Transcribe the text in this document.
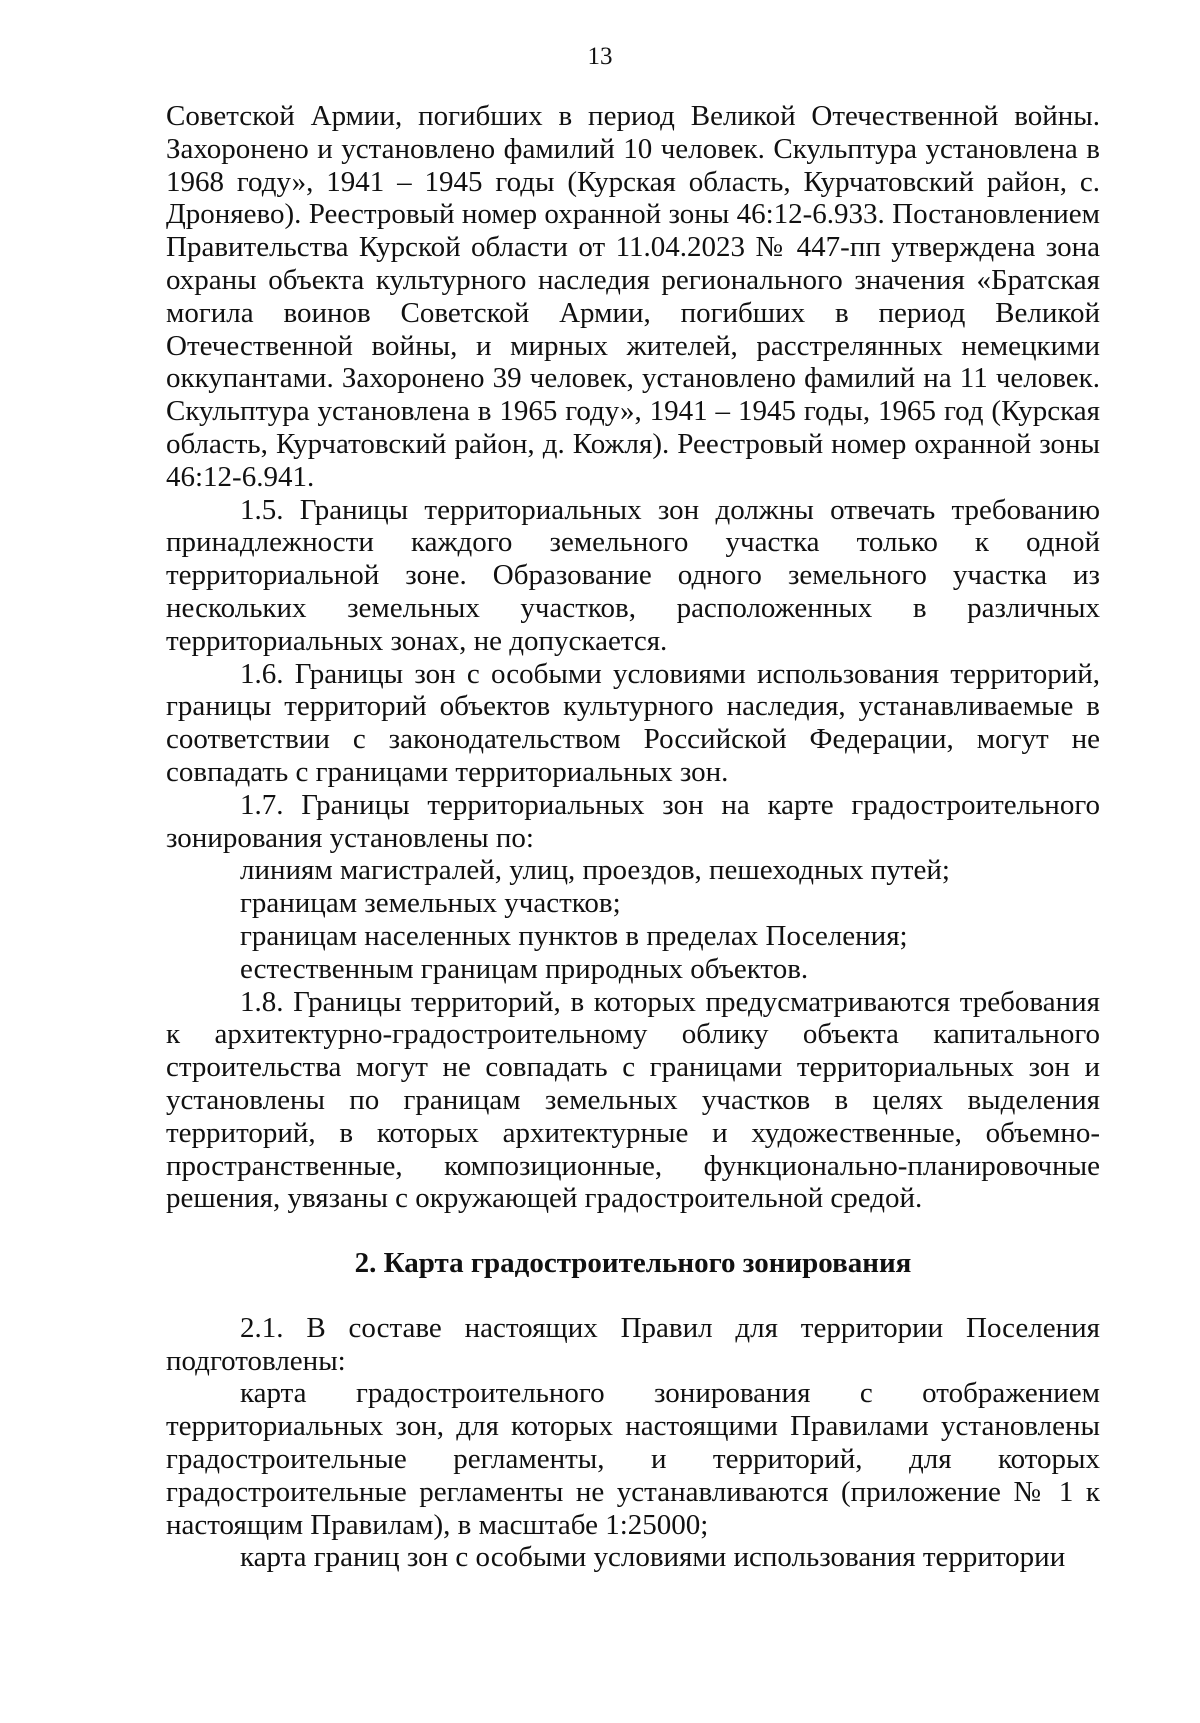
13

Советской Армии, погибших в период Великой Отечественной войны. Захоронено и установлено фамилий 10 человек. Скульптура установлена в 1968 году», 1941 – 1945 годы (Курская область, Курчатовский район, с. Дроняево). Реестровый номер охранной зоны 46:12-6.933. Постановлением Правительства Курской области от 11.04.2023 № 447-пп утверждена зона охраны объекта культурного наследия регионального значения «Братская могила воинов Советской Армии, погибших в период Великой Отечественной войны, и мирных жителей, расстрелянных немецкими оккупантами. Захоронено 39 человек, установлено фамилий на 11 человек. Скульптура установлена в 1965 году», 1941 – 1945 годы, 1965 год (Курская область, Курчатовский район, д. Кожля). Реестровый номер охранной зоны 46:12-6.941.

1.5. Границы территориальных зон должны отвечать требованию принадлежности каждого земельного участка только к одной территориальной зоне. Образование одного земельного участка из нескольких земельных участков, расположенных в различных территориальных зонах, не допускается.

1.6. Границы зон с особыми условиями использования территорий, границы территорий объектов культурного наследия, устанавливаемые в соответствии с законодательством Российской Федерации, могут не совпадать с границами территориальных зон.

1.7. Границы территориальных зон на карте градостроительного зонирования установлены по:

линиям магистралей, улиц, проездов, пешеходных путей;

границам земельных участков;

границам населенных пунктов в пределах Поселения;

естественным границам природных объектов.

1.8. Границы территорий, в которых предусматриваются требования к архитектурно-градостроительному облику объекта капитального строительства могут не совпадать с границами территориальных зон и установлены по границам земельных участков в целях выделения территорий, в которых архитектурные и художественные, объемно-пространственные, композиционные, функционально-планировочные решения, увязаны с окружающей градостроительной средой.

2. Карта градостроительного зонирования

2.1. В составе настоящих Правил для территории Поселения подготовлены:

карта градостроительного зонирования с отображением территориальных зон, для которых настоящими Правилами установлены градостроительные регламенты, и территорий, для которых градостроительные регламенты не устанавливаются (приложение № 1 к настоящим Правилам), в масштабе 1:25000;

карта границ зон с особыми условиями использования территории
